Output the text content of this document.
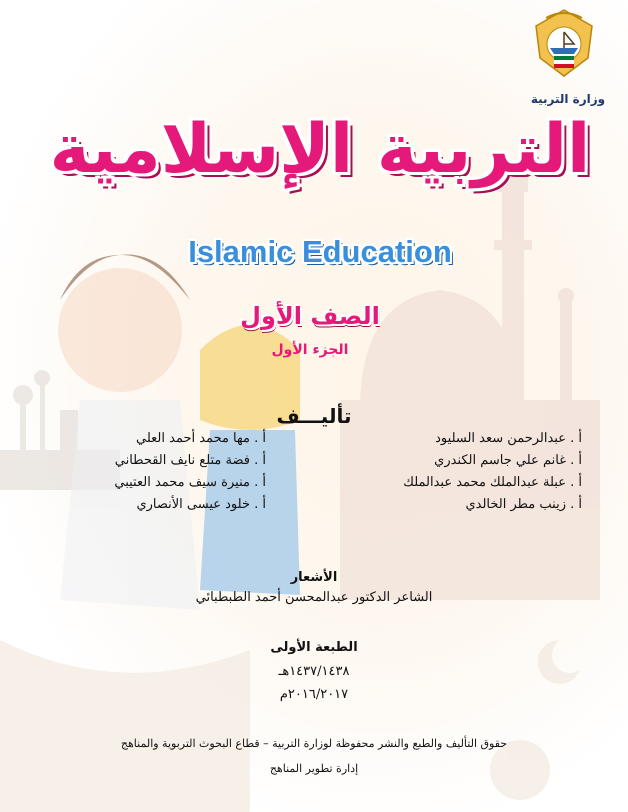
وزارة التربية
التربية الإسلامية
Islamic Education
الصف الأول
الجزء الأول
تأليـــف
أ . عبدالرحمن سعد السليود
أ . غانم علي جاسم الكندري
أ . عبلة عبدالملك محمد عبدالملك
أ . زينب مطر الخالدي
أ . مها محمد أحمد العلي
أ . فضة متلع نايف القحطاني
أ . منيرة سيف محمد العتيبي
أ . خلود عيسى الأنصاري
الأشعار
الشاعر الدكتور عبدالمحسن أحمد الطبطبائي
الطبعة الأولى
١٤٣٧/١٤٣٨هـ
٢٠١٦/٢٠١٧م
حقوق التأليف والطبع والنشر محفوظة لوزارة التربية – قطاع البحوث التربوية والمناهج
إدارة تطوير المناهج
